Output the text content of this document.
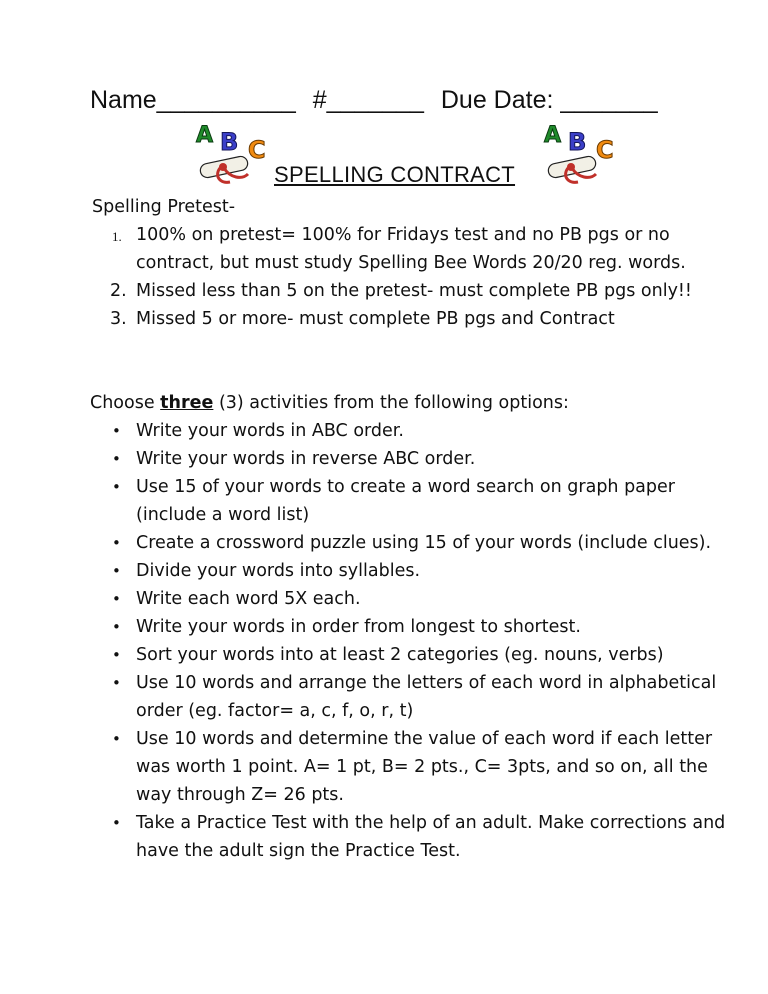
Name__________ #_______ Due Date: _______
A B C
SPELLING CONTRACT
A B C
Spelling Pretest-
1. 100% on pretest= 100% for Fridays test and no PB pgs or no contract, but must study Spelling Bee Words 20/20 reg. words.
2. Missed less than 5 on the pretest- must complete PB pgs only!!
3. Missed 5 or more- must complete PB pgs and Contract
Choose three (3) activities from the following options:
• Write your words in ABC order.
• Write your words in reverse ABC order.
• Use 15 of your words to create a word search on graph paper (include a word list)
• Create a crossword puzzle using 15 of your words (include clues).
• Divide your words into syllables.
• Write each word 5X each.
• Write your words in order from longest to shortest.
• Sort your words into at least 2 categories (eg. nouns, verbs)
• Use 10 words and arrange the letters of each word in alphabetical order (eg. factor= a, c, f, o, r, t)
• Use 10 words and determine the value of each word if each letter was worth 1 point. A= 1 pt, B= 2 pts., C= 3pts, and so on, all the way through Z= 26 pts.
• Take a Practice Test with the help of an adult. Make corrections and have the adult sign the Practice Test.
